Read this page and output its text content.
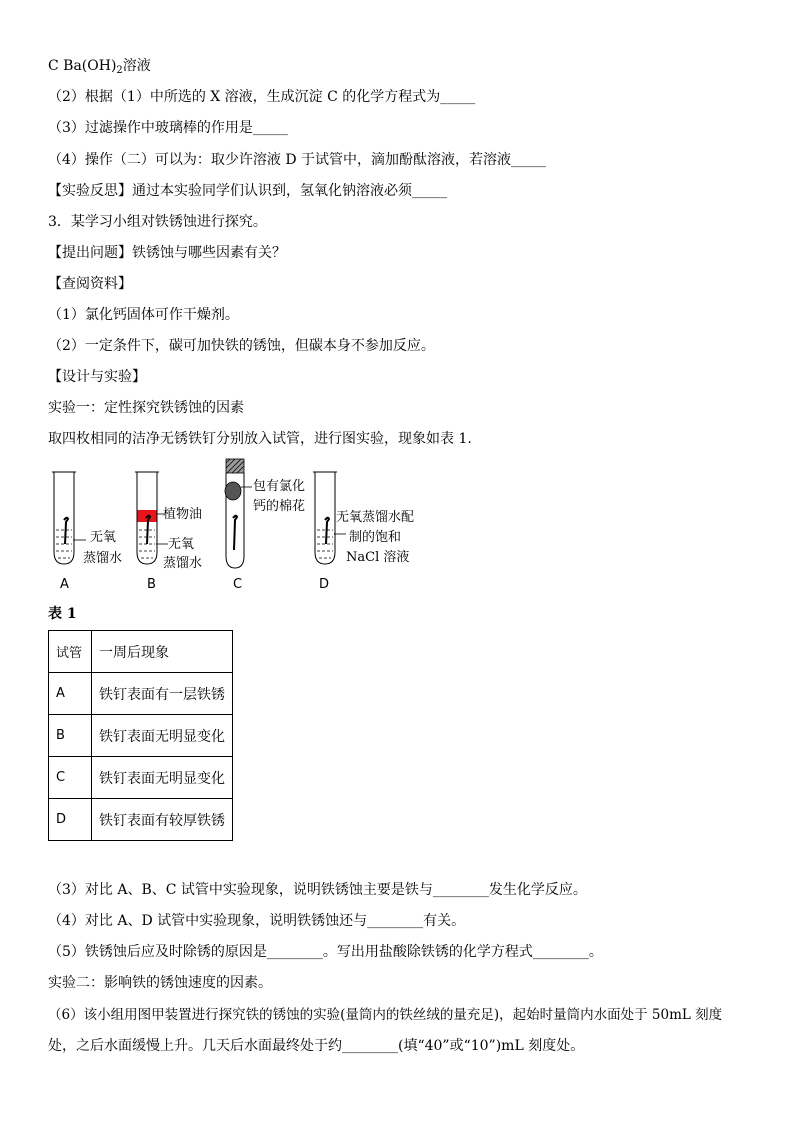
C $Ba(OH)_2$溶液
（2）根据（1）中所选的 X 溶液，生成沉淀 C 的化学方程式为_____
（3）过滤操作中玻璃棒的作用是_____
（4）操作（二）可以为：取少许溶液 D 于试管中，滴加酚酞溶液，若溶液_____
【实验反思】通过本实验同学们认识到，氢氧化钠溶液必须_____
3．某学习小组对铁锈蚀进行探究。
【提出问题】铁锈蚀与哪些因素有关？
【查阅资料】
（1）氯化钙固体可作干燥剂。
（2）一定条件下，碳可加快铁的锈蚀，但碳本身不参加反应。
【设计与实验】
实验一：定性探究铁锈蚀的因素
取四枚相同的洁净无锈铁钉分别放入试管，进行图实验，现象如表 1.
无氧
蒸馏水
植物油
无氧
蒸馏水
包有氯化
钙的棉花
无氧蒸馏水配
制的饱和
NaCl 溶液
A	B	C	D
表 1
试管	一周后现象
A	铁钉表面有一层铁锈
B	铁钉表面无明显变化
C	铁钉表面无明显变化
D	铁钉表面有较厚铁锈
（3）对比 A、B、C 试管中实验现象，说明铁锈蚀主要是铁与________发生化学反应。
（4）对比 A、D 试管中实验现象，说明铁锈蚀还与________有关。
（5）铁锈蚀后应及时除锈的原因是________。写出用盐酸除铁锈的化学方程式________。
实验二：影响铁的锈蚀速度的因素。
（6）该小组用图甲装置进行探究铁的锈蚀的实验(量筒内的铁丝绒的量充足)，起始时量筒内水面处于 50mL 刻度
处，之后水面缓慢上升。几天后水面最终处于约________(填“40”或“10”)mL 刻度处。
